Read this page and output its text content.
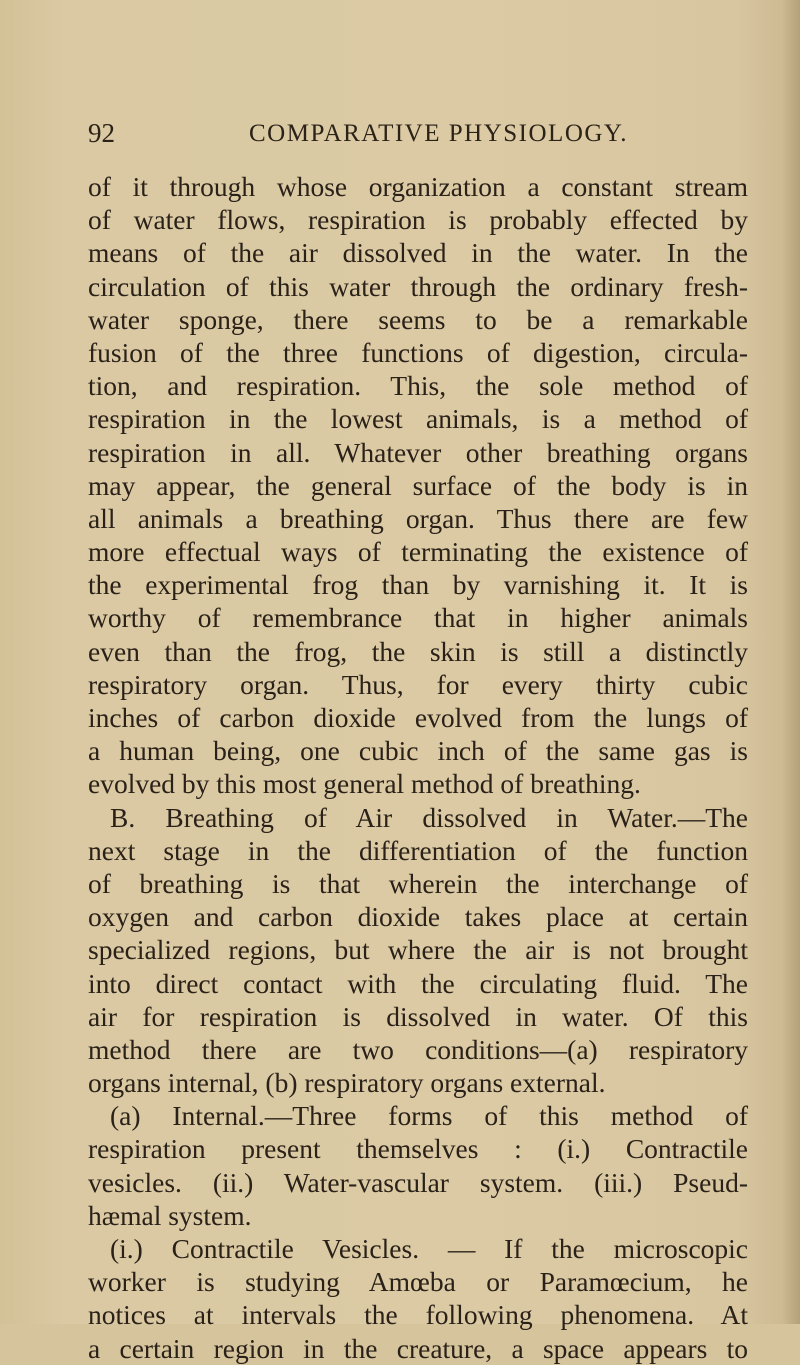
92	COMPARATIVE PHYSIOLOGY.
of it through whose organization a constant stream
of water flows, respiration is probably effected by
means of the air dissolved in the water. In the
circulation of this water through the ordinary fresh-
water sponge, there seems to be a remarkable
fusion of the three functions of digestion, circula-
tion, and respiration. This, the sole method of
respiration in the lowest animals, is a method of
respiration in all. Whatever other breathing organs
may appear, the general surface of the body is in
all animals a breathing organ. Thus there are few
more effectual ways of terminating the existence of
the experimental frog than by varnishing it. It is
worthy of remembrance that in higher animals
even than the frog, the skin is still a distinctly
respiratory organ. Thus, for every thirty cubic
inches of carbon dioxide evolved from the lungs of
a human being, one cubic inch of the same gas is
evolved by this most general method of breathing.
B. Breathing of Air dissolved in Water.—The
next stage in the differentiation of the function
of breathing is that wherein the interchange of
oxygen and carbon dioxide takes place at certain
specialized regions, but where the air is not brought
into direct contact with the circulating fluid. The
air for respiration is dissolved in water. Of this
method there are two conditions—(a) respiratory
organs internal, (b) respiratory organs external.
(a) Internal.—Three forms of this method of
respiration present themselves : (i.) Contractile
vesicles. (ii.) Water-vascular system. (iii.) Pseud-
hæmal system.
(i.) Contractile Vesicles. — If the microscopic
worker is studying Amœba or Paramœcium, he
notices at intervals the following phenomena. At
a certain region in the creature, a space appears to
